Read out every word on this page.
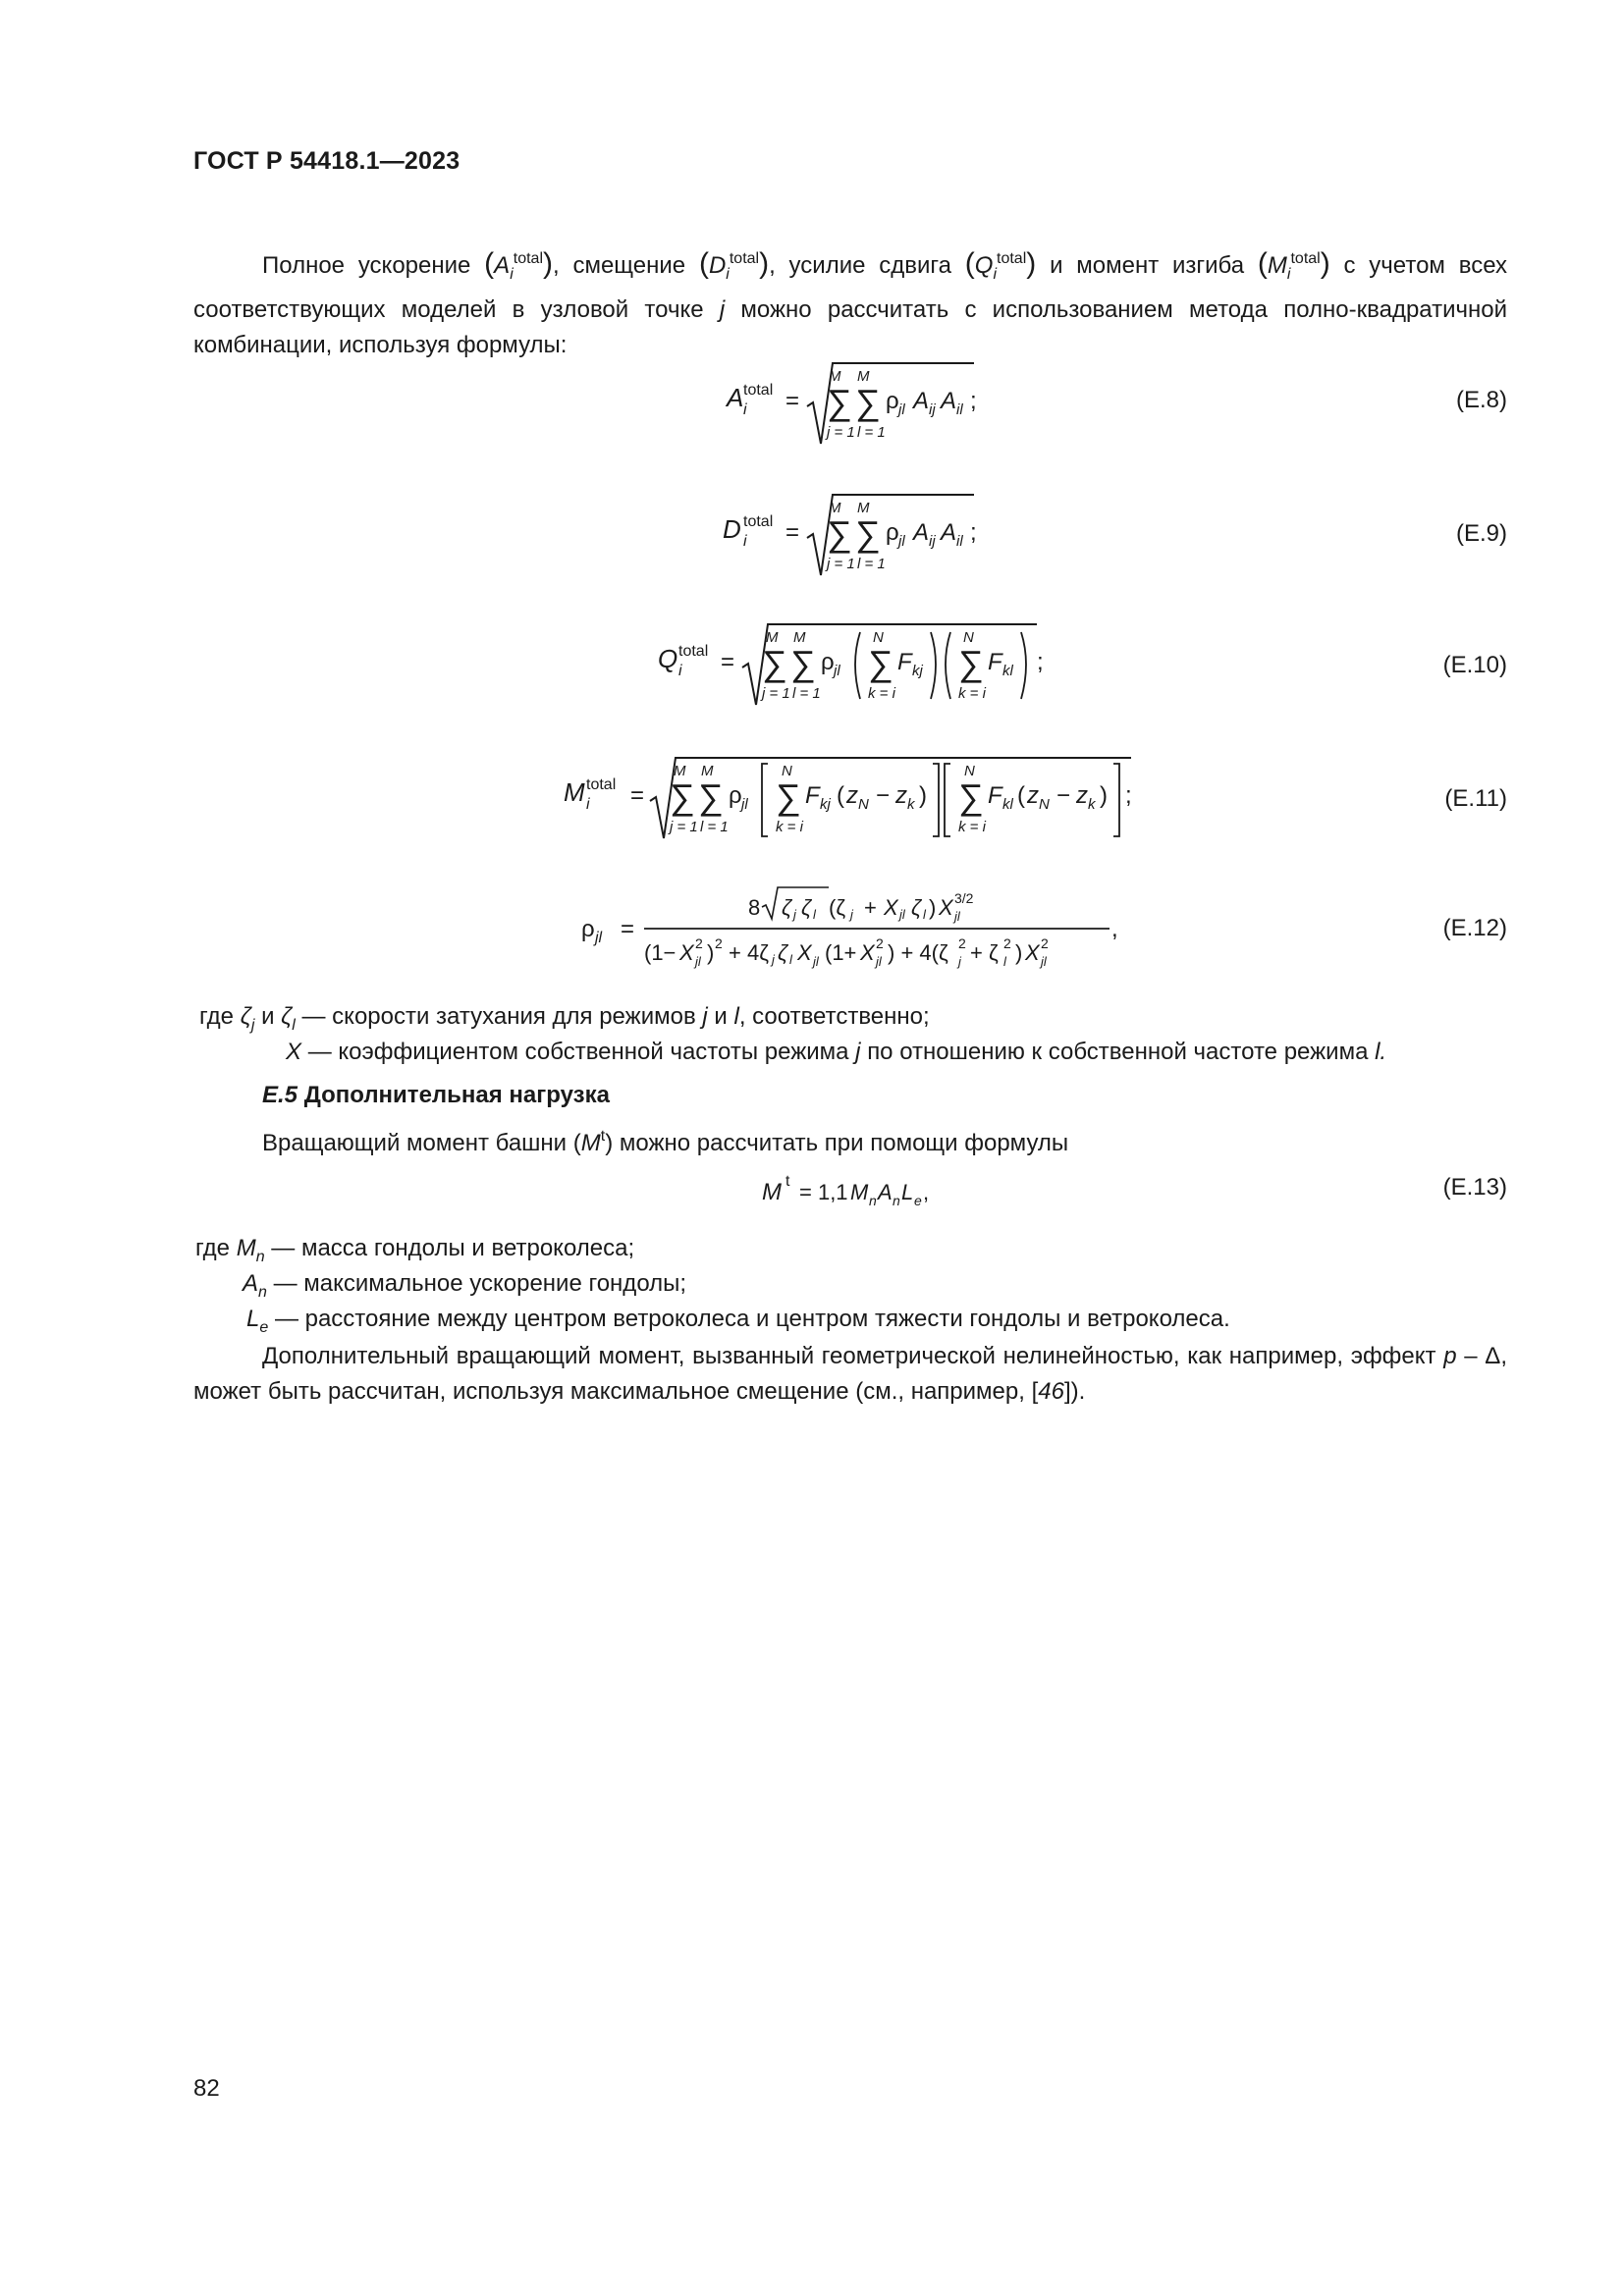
ГОСТ Р 54418.1—2023
Полное ускорение $(A_i^{total})$, смещение $(D_i^{total})$, усилие сдвига $(Q_i^{total})$ и момент изгиба $(M_i^{total})$ с учетом всех соответствующих моделей в узловой точке j можно рассчитать с использованием метода полно-квадратичной комбинации, используя формулы:
A i
total =
M
∑
j = 1
M
∑
l = 1
ρ jl A ij A il ;	(E.8)
D i
total =
M
∑
j = 1
M
∑
l = 1
ρ jl A ij A il ;	(E.9)
Q i
total =
M
∑
j = 1
M
∑
l = 1
ρ jl
N
∑
k = i
F kj
N
∑
k = i
F kl ;	(E.10)
M i
total =
M
∑
j = 1
M
∑
l = 1
ρ jl
N
∑
k = i
F kj ( z N − z k )
N
∑
k = i
F kl ( z N − z k ) ;	(E.11)
ρ jl =
8 ζ j ζ l (ζ j + X jl ζ l ) X 3/2
jl
(1− X 2
jl ) 2 + 4ζ j ζ l X jl (1+ X 2
jl ) + 4(ζ 2
j + ζ 2
l ) X 2
jl
,	(E.12)
где $\zeta_j$ и $\zeta_l$ — скорости затухания для режимов j и l, соответственно;
X — коэффициентом собственной частоты режима j по отношению к собственной частоте режима l.
E.5 Дополнительная нагрузка
Вращающий момент башни $(M^t)$ можно рассчитать при помощи формулы
M t = 1,1 M n A n L e ,	(E.13)
где $M_n$ — масса гондолы и ветроколеса;
$A_n$ — максимальное ускорение гондолы;
$L_e$ — расстояние между центром ветроколеса и центром тяжести гондолы и ветроколеса.
Дополнительный вращающий момент, вызванный геометрической нелинейностью, как например, эффект p – Δ, может быть рассчитан, используя максимальное смещение (см., например, [46]).
82
